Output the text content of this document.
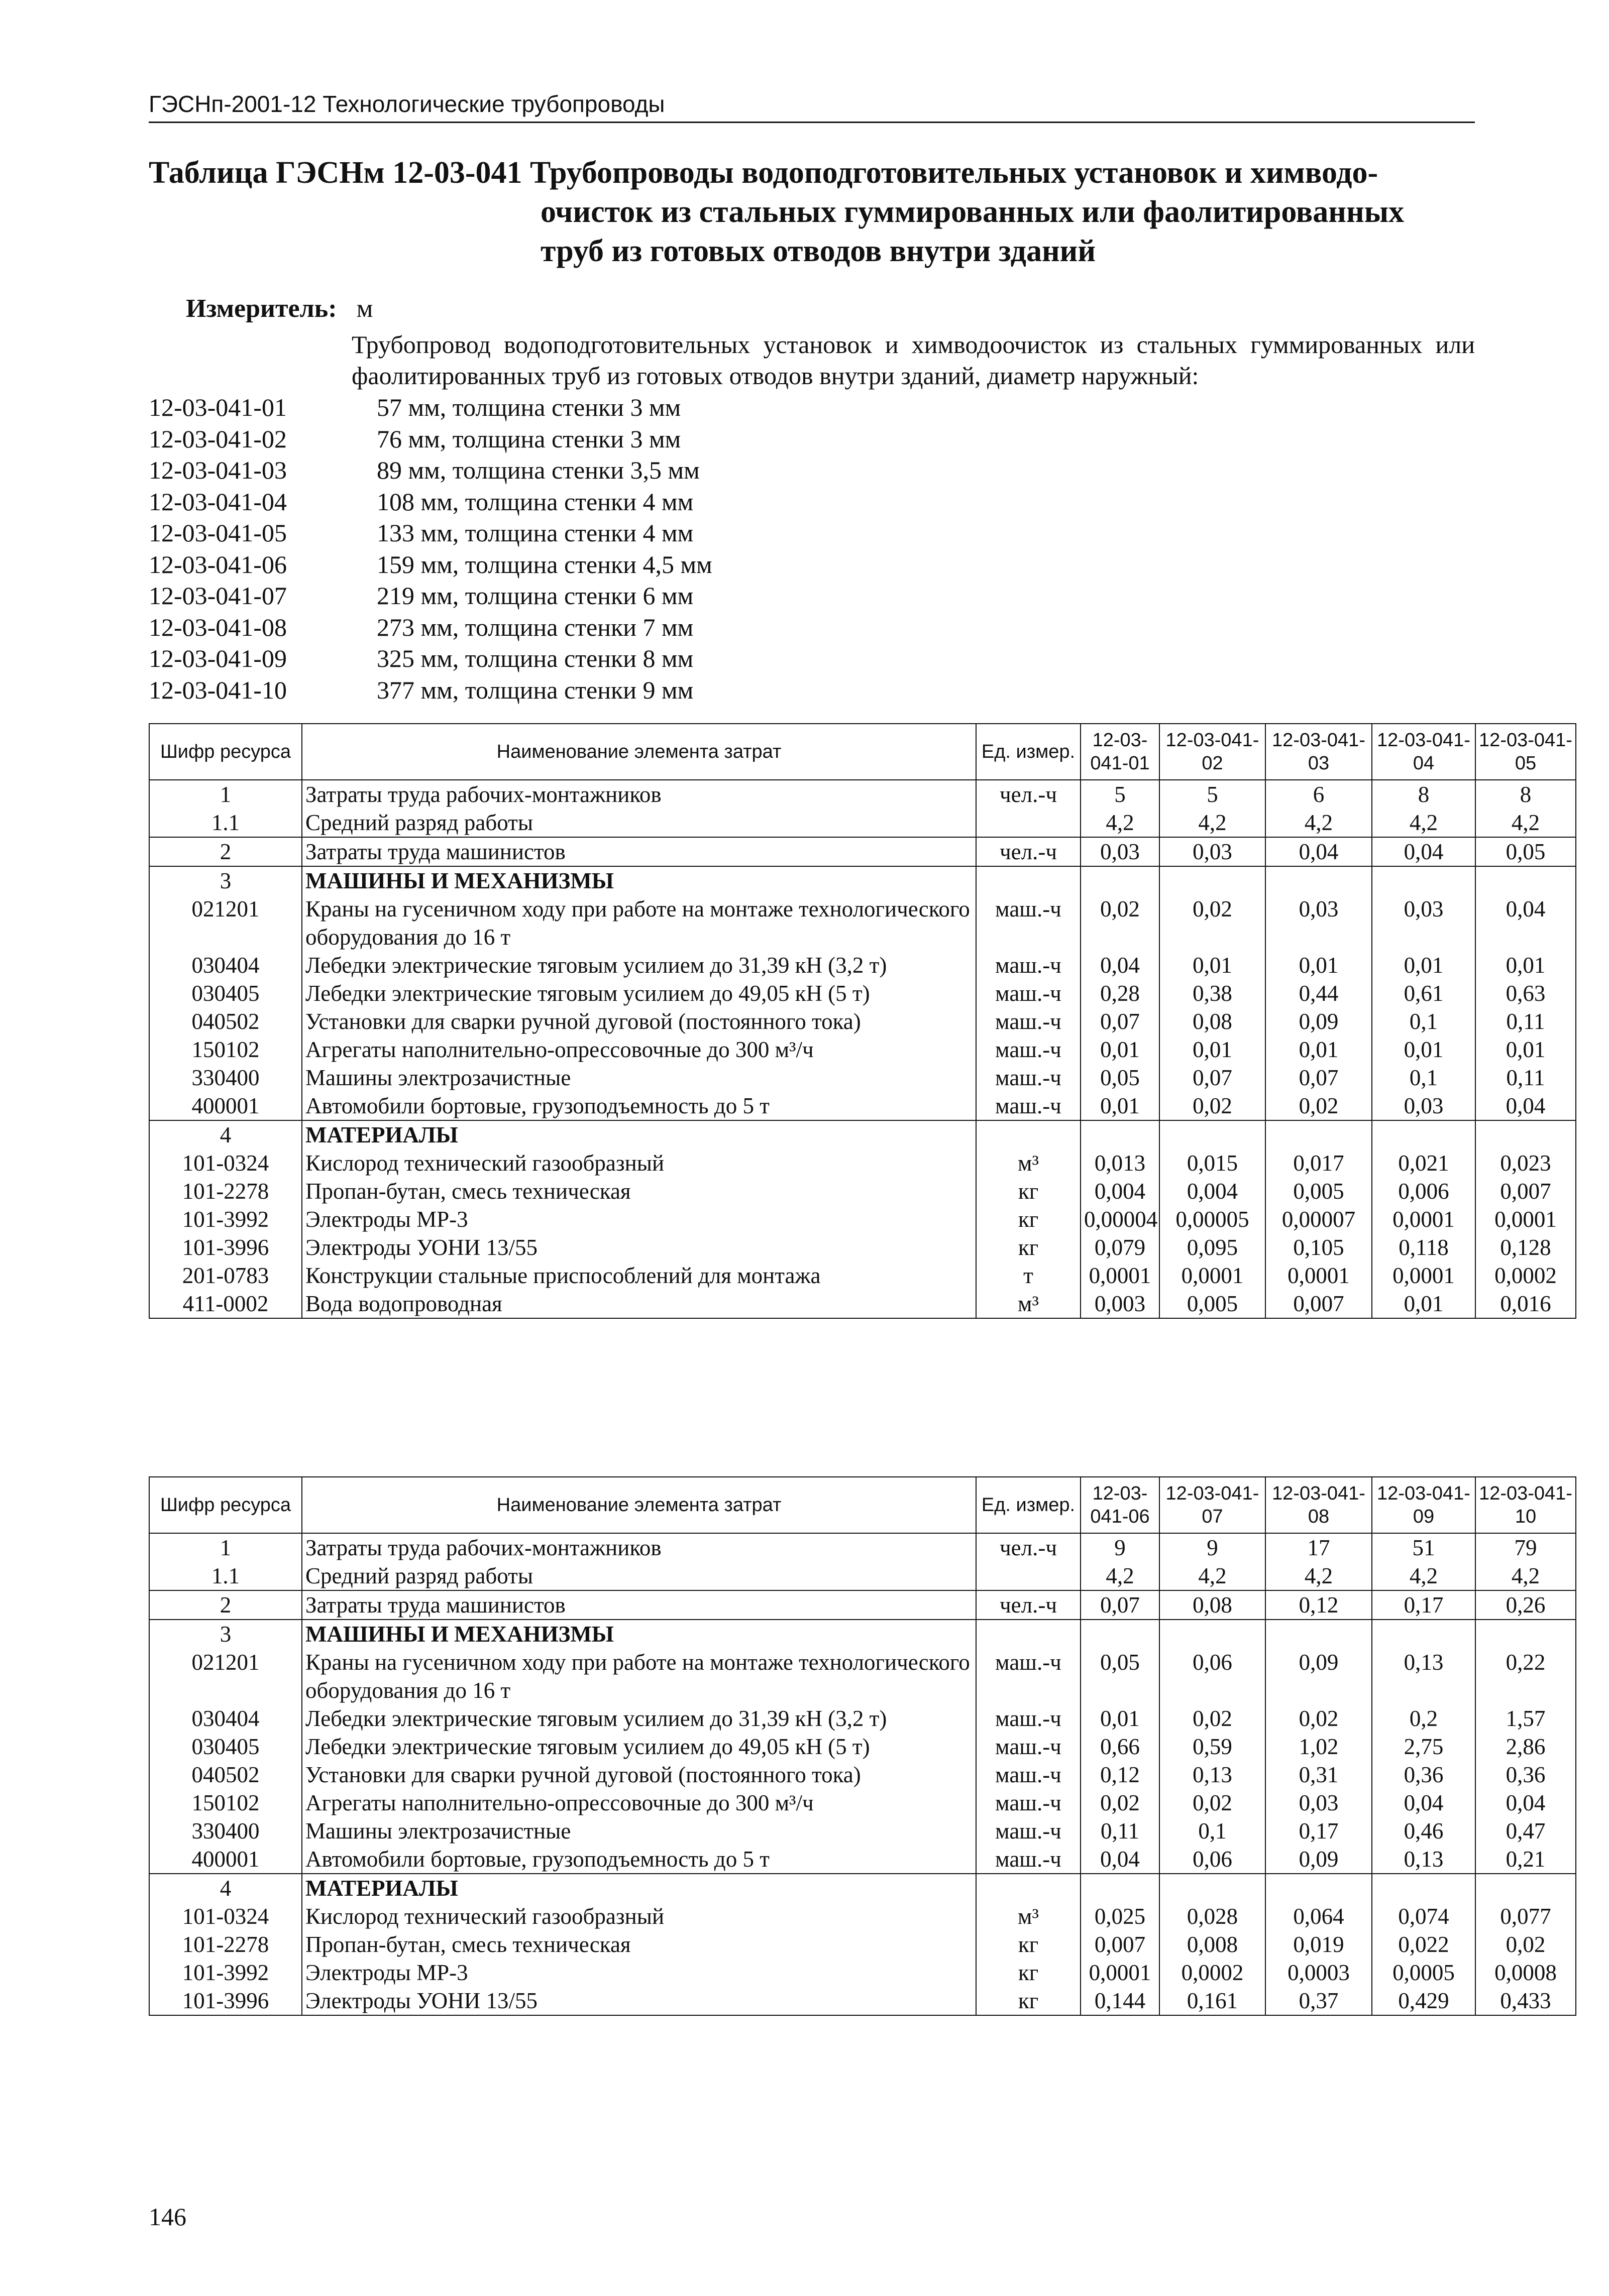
ГЭСНп-2001-12 Технологические трубопроводы
Таблица ГЭСНм 12-03-041 Трубопроводы водоподготовительных установок и химводо-
очисток из стальных гуммированных или фаолитированных
труб из готовых отводов внутри зданий
Измеритель: м
Трубопровод водоподготовительных установок и химводоочисток из стальных гуммированных или фаолитированных труб из готовых отводов внутри зданий, диаметр наружный:
12-03-041-01	57 мм, толщина стенки 3 мм
12-03-041-02	76 мм, толщина стенки 3 мм
12-03-041-03	89 мм, толщина стенки 3,5 мм
12-03-041-04	108 мм, толщина стенки 4 мм
12-03-041-05	133 мм, толщина стенки 4 мм
12-03-041-06	159 мм, толщина стенки 4,5 мм
12-03-041-07	219 мм, толщина стенки 6 мм
12-03-041-08	273 мм, толщина стенки 7 мм
12-03-041-09	325 мм, толщина стенки 8 мм
12-03-041-10	377 мм, толщина стенки 9 мм
Шифр ресурса	Наименование элемента затрат	Ед. измер.	12-03-041-01	12-03-041-02	12-03-041-03	12-03-041-04	12-03-041-05
1	Затраты труда рабочих-монтажников	чел.-ч	5	5	6	8	8
1.1	Средний разряд работы		4,2	4,2	4,2	4,2	4,2
2	Затраты труда машинистов	чел.-ч	0,03	0,03	0,04	0,04	0,05
3	МАШИНЫ И МЕХАНИЗМЫ						
021201	Краны на гусеничном ходу при работе на монтаже технологического оборудования до 16 т	маш.-ч	0,02	0,02	0,03	0,03	0,04
030404	Лебедки электрические тяговым усилием до 31,39 кН (3,2 т)	маш.-ч	0,04	0,01	0,01	0,01	0,01
030405	Лебедки электрические тяговым усилием до 49,05 кН (5 т)	маш.-ч	0,28	0,38	0,44	0,61	0,63
040502	Установки для сварки ручной дуговой (постоянного тока)	маш.-ч	0,07	0,08	0,09	0,1	0,11
150102	Агрегаты наполнительно-опрессовочные до 300 м³/ч	маш.-ч	0,01	0,01	0,01	0,01	0,01
330400	Машины электрозачистные	маш.-ч	0,05	0,07	0,07	0,1	0,11
400001	Автомобили бортовые, грузоподъемность до 5 т	маш.-ч	0,01	0,02	0,02	0,03	0,04
4	МАТЕРИАЛЫ						
101-0324	Кислород технический газообразный	м³	0,013	0,015	0,017	0,021	0,023
101-2278	Пропан-бутан, смесь техническая	кг	0,004	0,004	0,005	0,006	0,007
101-3992	Электроды МР-3	кг	0,00004	0,00005	0,00007	0,0001	0,0001
101-3996	Электроды УОНИ 13/55	кг	0,079	0,095	0,105	0,118	0,128
201-0783	Конструкции стальные приспособлений для монтажа	т	0,0001	0,0001	0,0001	0,0001	0,0002
411-0002	Вода водопроводная	м³	0,003	0,005	0,007	0,01	0,016
Шифр ресурса	Наименование элемента затрат	Ед. измер.	12-03-041-06	12-03-041-07	12-03-041-08	12-03-041-09	12-03-041-10
1	Затраты труда рабочих-монтажников	чел.-ч	9	9	17	51	79
1.1	Средний разряд работы		4,2	4,2	4,2	4,2	4,2
2	Затраты труда машинистов	чел.-ч	0,07	0,08	0,12	0,17	0,26
3	МАШИНЫ И МЕХАНИЗМЫ						
021201	Краны на гусеничном ходу при работе на монтаже технологического оборудования до 16 т	маш.-ч	0,05	0,06	0,09	0,13	0,22
030404	Лебедки электрические тяговым усилием до 31,39 кН (3,2 т)	маш.-ч	0,01	0,02	0,02	0,2	1,57
030405	Лебедки электрические тяговым усилием до 49,05 кН (5 т)	маш.-ч	0,66	0,59	1,02	2,75	2,86
040502	Установки для сварки ручной дуговой (постоянного тока)	маш.-ч	0,12	0,13	0,31	0,36	0,36
150102	Агрегаты наполнительно-опрессовочные до 300 м³/ч	маш.-ч	0,02	0,02	0,03	0,04	0,04
330400	Машины электрозачистные	маш.-ч	0,11	0,1	0,17	0,46	0,47
400001	Автомобили бортовые, грузоподъемность до 5 т	маш.-ч	0,04	0,06	0,09	0,13	0,21
4	МАТЕРИАЛЫ						
101-0324	Кислород технический газообразный	м³	0,025	0,028	0,064	0,074	0,077
101-2278	Пропан-бутан, смесь техническая	кг	0,007	0,008	0,019	0,022	0,02
101-3992	Электроды МР-3	кг	0,0001	0,0002	0,0003	0,0005	0,0008
101-3996	Электроды УОНИ 13/55	кг	0,144	0,161	0,37	0,429	0,433
146
